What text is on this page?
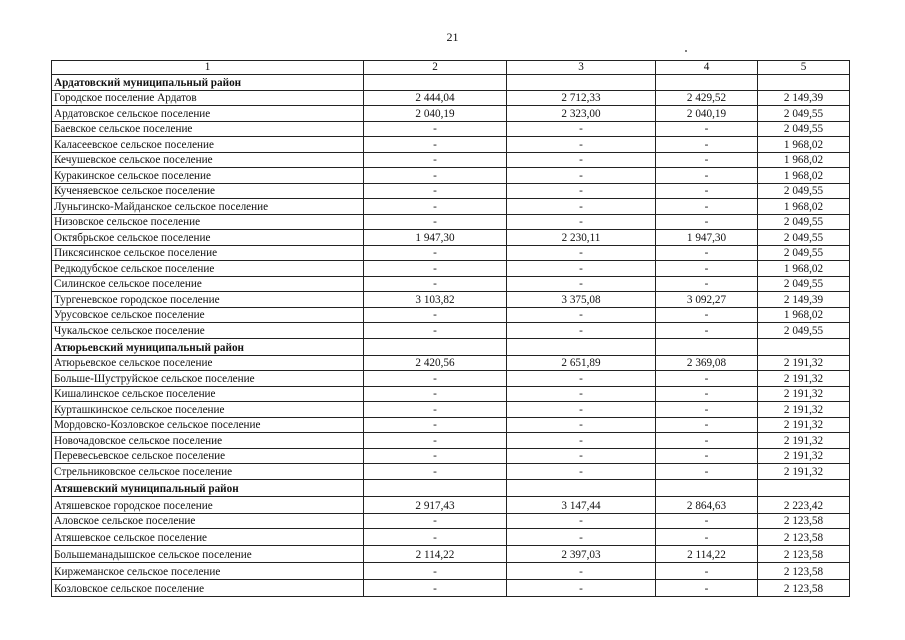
21
1	2	3	4	5
Ардатовский муниципальный район				
Городское поселение Ардатов	2 444,04	2 712,33	2 429,52	2 149,39
Ардатовское сельское поселение	2 040,19	2 323,00	2 040,19	2 049,55
Баевское сельское поселение	-	-	-	2 049,55
Каласеевское сельское поселение	-	-	-	1 968,02
Кечушевское сельское поселение	-	-	-	1 968,02
Куракинское сельское поселение	-	-	-	1 968,02
Кученяевское сельское поселение	-	-	-	2 049,55
Луньгинско-Майданское сельское поселение	-	-	-	1 968,02
Низовское сельское поселение	-	-	-	2 049,55
Октябрьское сельское поселение	1 947,30	2 230,11	1 947,30	2 049,55
Пиксясинское сельское поселение	-	-	-	2 049,55
Редкодубское сельское поселение	-	-	-	1 968,02
Силинское сельское поселение	-	-	-	2 049,55
Тургеневское городское поселение	3 103,82	3 375,08	3 092,27	2 149,39
Урусовское сельское поселение	-	-	-	1 968,02
Чукальское сельское поселение	-	-	-	2 049,55
Атюрьевский муниципальный район				
Атюрьевское сельское поселение	2 420,56	2 651,89	2 369,08	2 191,32
Больше-Шуструйское сельское поселение	-	-	-	2 191,32
Кишалинское сельское поселение	-	-	-	2 191,32
Курташкинское сельское поселение	-	-	-	2 191,32
Мордовско-Козловское сельское поселение	-	-	-	2 191,32
Новочадовское сельское поселение	-	-	-	2 191,32
Перевесьевское сельское поселение	-	-	-	2 191,32
Стрельниковское сельское поселение	-	-	-	2 191,32
Атяшевский муниципальный район				
Атяшевское городское поселение	2 917,43	3 147,44	2 864,63	2 223,42
Аловское сельское поселение	-	-	-	2 123,58
Атяшевское сельское поселение	-	-	-	2 123,58
Большеманадышское сельское поселение	2 114,22	2 397,03	2 114,22	2 123,58
Киржеманское сельское поселение	-	-	-	2 123,58
Козловское сельское поселение	-	-	-	2 123,58
